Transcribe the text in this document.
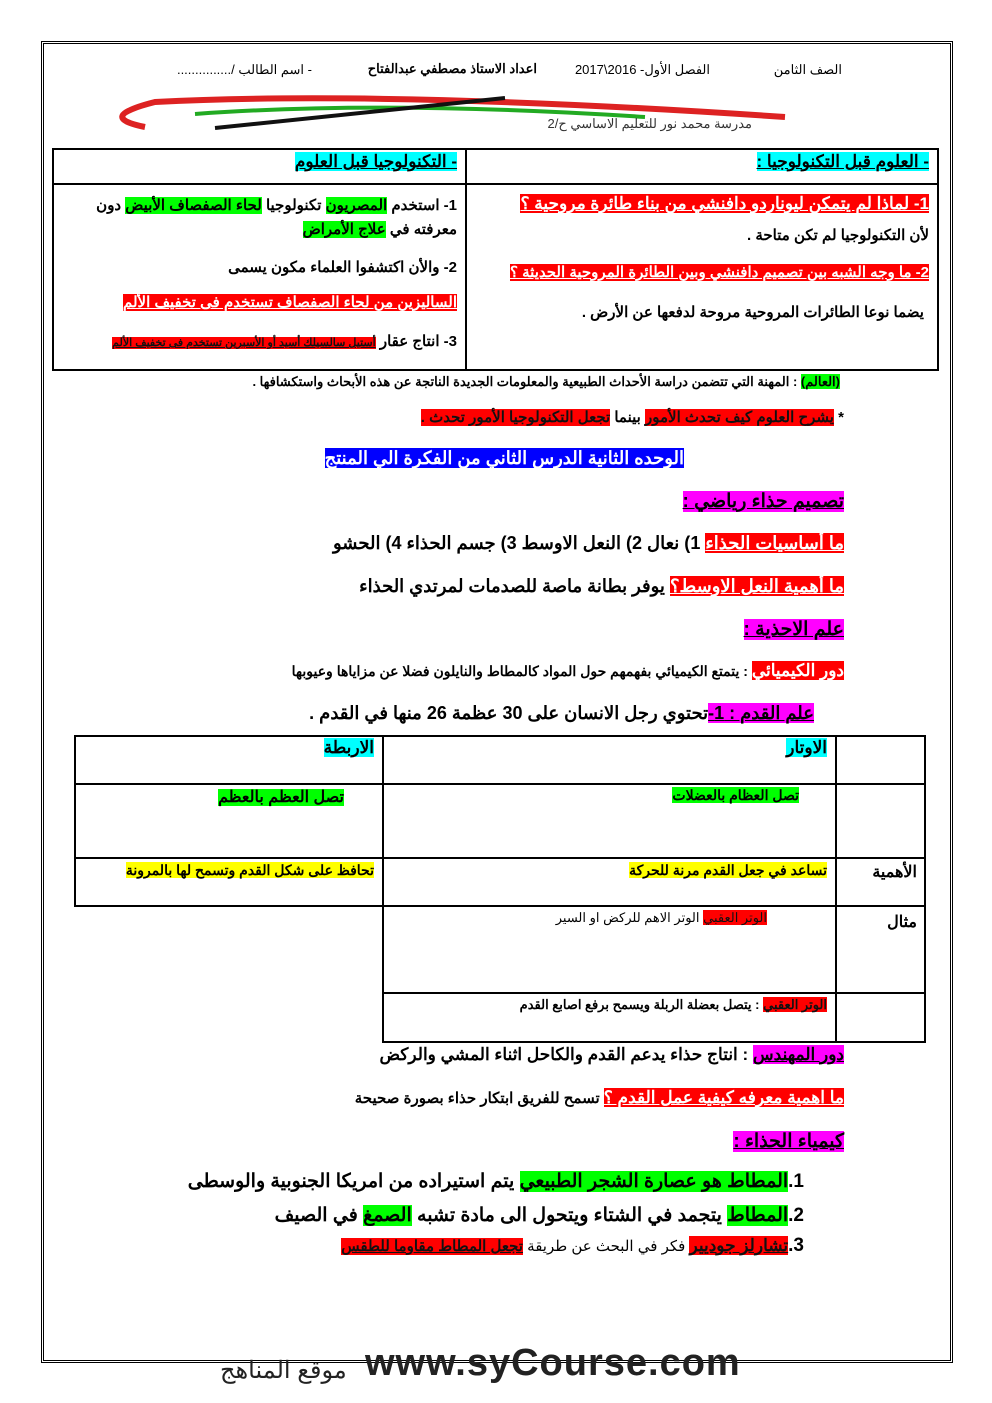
الصف الثامن
الفصل الأول- 2016\2017
اعداد الاستاذ مصطفي عبدالفتاح
- اسم الطالب /...............
مدرسة محمد نور للتعليم الاساسي ح/2
- العلوم قبل التكنولوجيا :
- التكنولوجيا قبل العلوم
1- لماذا لم يتمكن ليوناردو دافنشي من بناء طائرة مروحية ؟
لأن التكنولوجيا لم تكن متاحة .
2- ما وجه الشبه بين تصميم دافنشي وبين الطائرة المروحية الحديثة ؟
يضما نوعا الطائرات المروحية مروحة لدفعها عن الأرض .
1- استخدم المصريون تكنولوجيا لحاء الصفصاف الأبيض دون معرفته في علاج الأمراض
2- والأن اكتشفوا العلماء مكون يسمى
الساليزين من لحاء الصفصاف تستخدم فى تخفيف الألم
3- انتاج عقار أستيل سالسيلك أسيد أو الأسبرين تستخدم فى تخفيف الألم
(العالم) : المهنة التي تتضمن دراسة الأحداث الطبيعية والمعلومات الجديدة الناتجة عن هذه الأبحاث واستكشافها .
* يشرح العلوم كيف تحدث الأمور بينما تجعل التكنولوجيا الأمور تحدث .
الوحده الثانية الدرس الثاني من الفكرة الي المنتج
تصميم حذاء رياضي :
ما أساسيات الحذاء 1) نعال 2) النعل الاوسط 3) جسم الحذاء 4) الحشو
ما أهمية النعل الاوسط؟ يوفر بطانة ماصة للصدمات لمرتدي الحذاء
علم الاحذية :
دور الكيميائي : يتمتع الكيميائي بفهمهم حول المواد كالمطاط والنايلون فضلا عن مزاياها وعيوبها
علم القدم : 1-تحتوي رجل الانسان على 30 عظمة 26 منها في القدم .
الاوتار
الاربطة
تصل العظام بالعضلات
تصل العظم بالعظم
الأهمية
تساعد في جعل القدم مرنة للحركة
تحافظ على شكل القدم وتسمح لها بالمرونة
مثال
الوتر العقبي الوتر الاهم للركض او السير
الوتر العقبي : يتصل بعضلة الربلة ويسمح برفع اصابع القدم
دور المهندس : انتاج حذاء يدعم القدم والكاحل اثناء المشي والركض
ما اهمية معرفه كيفية عمل القدم ؟ تسمح للفريق ابتكار حذاء بصورة صحيحة
كيمياء الحذاء :
1.المطاط هو عصارة الشجر الطبيعي يتم استيراده من امريكا الجنوبية والوسطى
2.المطاط يتجمد في الشتاء ويتحول الى مادة تشبه الصمغ في الصيف
3.تشارلز جوديير فكر في البحث عن طريقة تجعل المطاط مقاوما للطقس
www.syCourse.com
موقع المناهج
